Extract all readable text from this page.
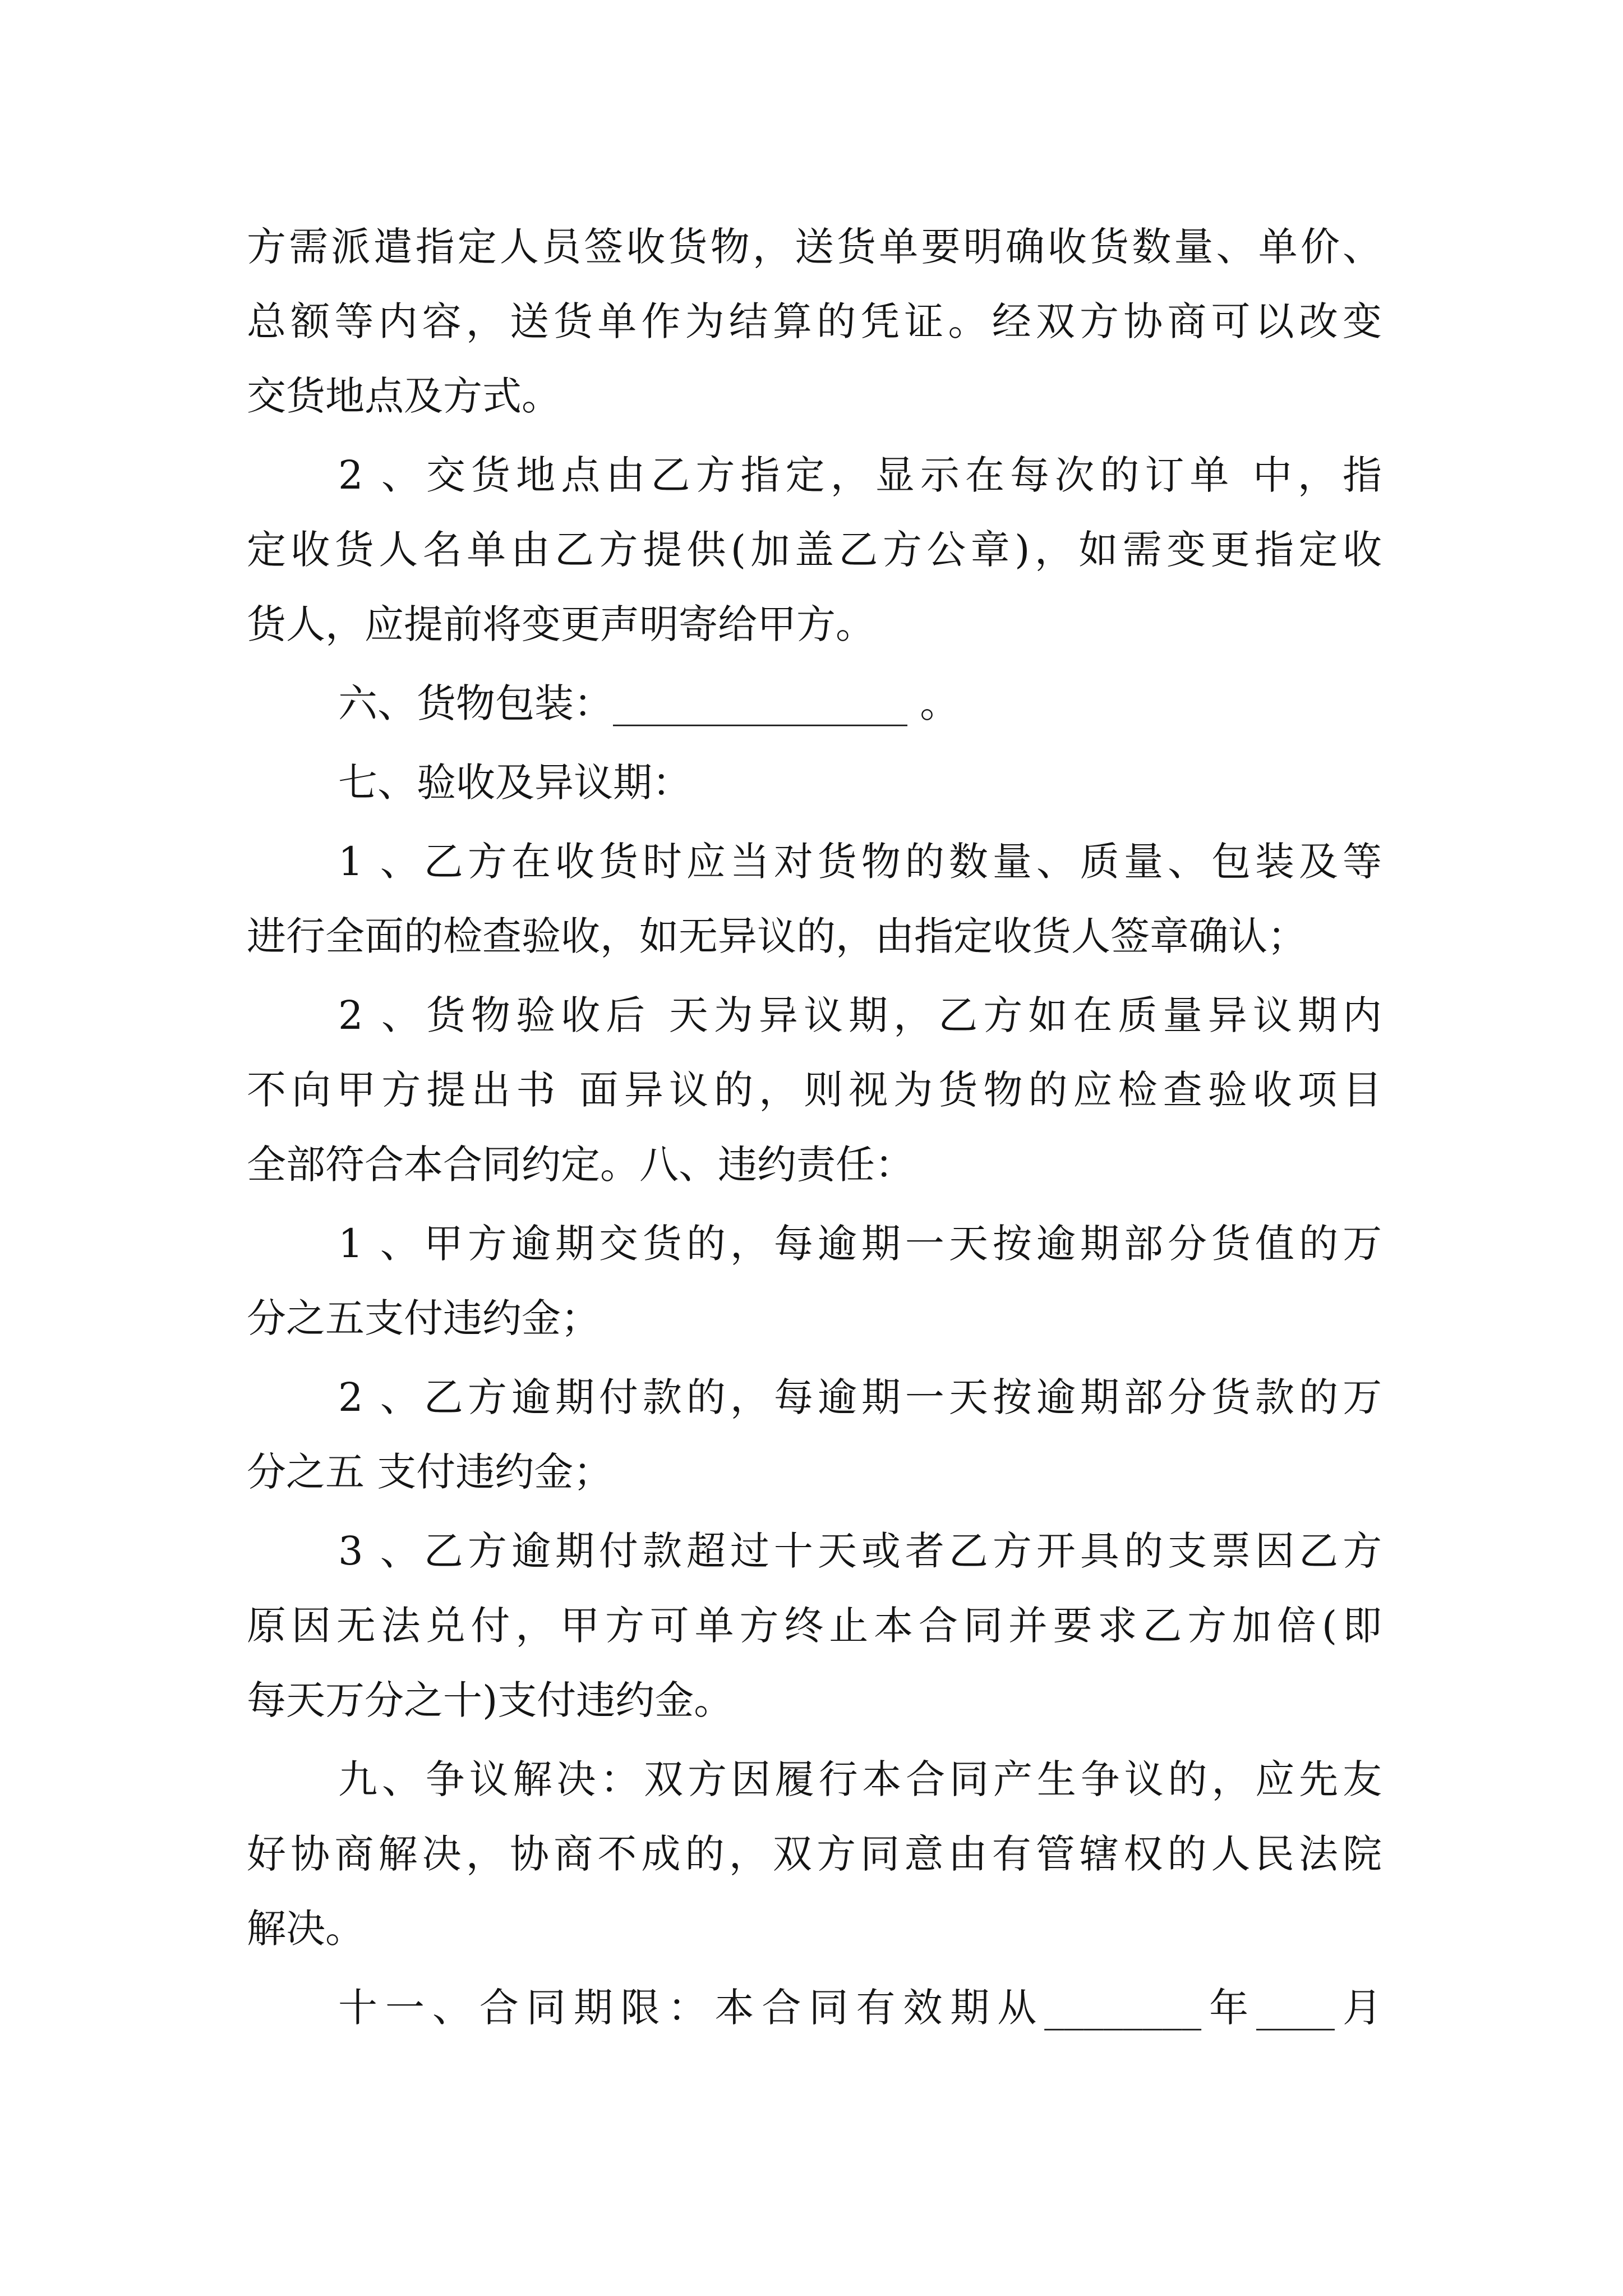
方需派遣指定人员签收货物，送货单要明确收货数量、单价、
总额等内容，送货单作为结算的凭证。经双方协商可以改变
交货地点及方式。
2 、交货地点由乙方指定，显示在每次的订单 中，指
定收货人名单由乙方提供(加盖乙方公章)，如需变更指定收
货人，应提前将变更声明寄给甲方。
六、货物包装：_______________ 。
七、验收及异议期：
1 、乙方在收货时应当对货物的数量、质量、包装及等
进行全面的检查验收，如无异议的，由指定收货人签章确认；
2 、货物验收后 天为异议期，乙方如在质量异议期内
不向甲方提出书 面异议的，则视为货物的应检查验收项目
全部符合本合同约定。八、违约责任：
1 、甲方逾期交货的，每逾期一天按逾期部分货值的万
分之五支付违约金；
2 、乙方逾期付款的，每逾期一天按逾期部分货款的万
分之五 支付违约金；
3 、乙方逾期付款超过十天或者乙方开具的支票因乙方
原因无法兑付，甲方可单方终止本合同并要求乙方加倍(即
每天万分之十)支付违约金。
九、争议解决：双方因履行本合同产生争议的，应先友
好协商解决，协商不成的，双方同意由有管辖权的人民法院
解决。
十一、合同期限：本合同有效期从________年____月
